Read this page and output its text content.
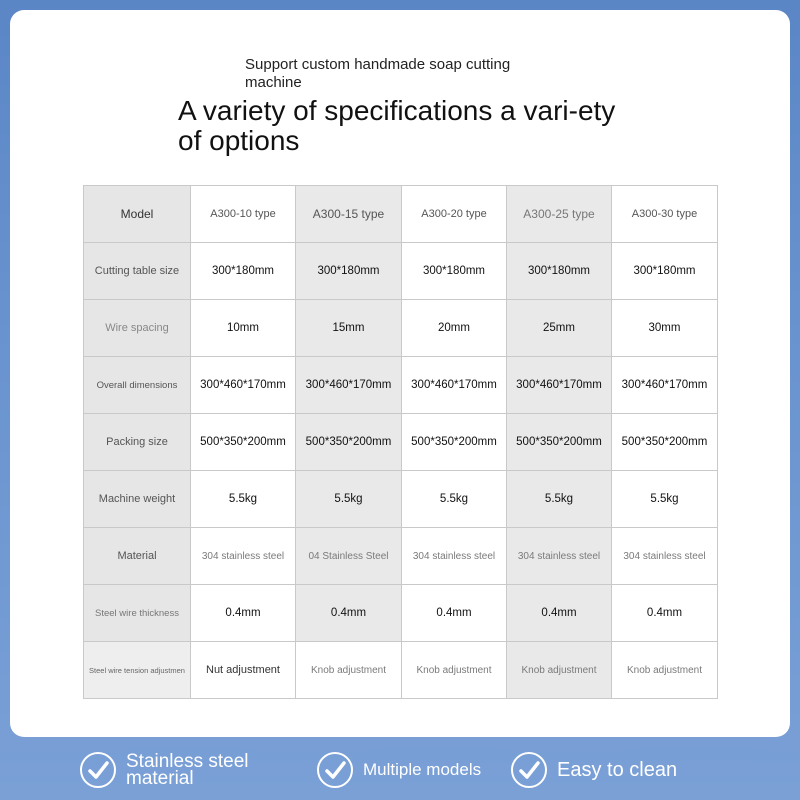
Support custom handmade soap cutting machine
A variety of specifications a vari-ety of options
Model	A300-10 type	A300-15 type	A300-20 type	A300-25 type	A300-30 type
Cutting table size	300*180mm	300*180mm	300*180mm	300*180mm	300*180mm
Wire spacing	10mm	15mm	20mm	25mm	30mm
Overall dimensions	300*460*170mm	300*460*170mm	300*460*170mm	300*460*170mm	300*460*170mm
Packing size	500*350*200mm	500*350*200mm	500*350*200mm	500*350*200mm	500*350*200mm
Machine weight	5.5kg	5.5kg	5.5kg	5.5kg	5.5kg
Material	304 stainless steel	04 Stainless Steel	304 stainless steel	304 stainless steel	304 stainless steel
Steel wire thickness	0.4mm	0.4mm	0.4mm	0.4mm	0.4mm
Steel wire tension adjustmen	Nut adjustment	Knob adjustment	Knob adjustment	Knob adjustment	Knob adjustment
Stainless steel material	Multiple models	Easy to clean
